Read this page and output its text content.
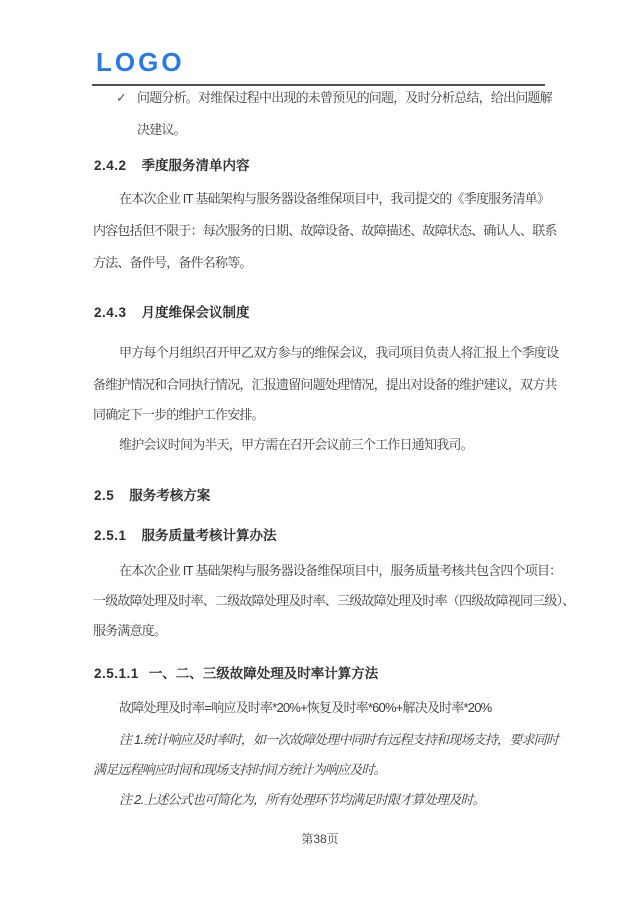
LOGO
✓ 问题分析。对维保过程中出现的未曾预见的问题，及时分析总结，给出问题解
决建议。
2.4.2 季度服务清单内容
在本次企业 IT 基础架构与服务器设备维保项目中，我司提交的《季度服务清单》
内容包括但不限于：每次服务的日期、故障设备、故障描述、故障状态、确认人、联系
方法、备件号，备件名称等。
2.4.3 月度维保会议制度
甲方每个月组织召开甲乙双方参与的维保会议，我司项目负责人将汇报上个季度设
备维护情况和合同执行情况，汇报遗留问题处理情况，提出对设备的维护建议，双方共
同确定下一步的维护工作安排。
维护会议时间为半天，甲方需在召开会议前三个工作日通知我司。
2.5 服务考核方案
2.5.1 服务质量考核计算办法
在本次企业 IT 基础架构与服务器设备维保项目中，服务质量考核共包含四个项目：
一级故障处理及时率、二级故障处理及时率、三级故障处理及时率（四级故障视同三级）、
服务满意度。
2.5.1.1 一、二、三级故障处理及时率计算方法
故障处理及时率=响应及时率*20%+恢复及时率*60%+解决及时率*20%
注 1.统计响应及时率时，如一次故障处理中同时有远程支持和现场支持，要求同时
满足远程响应时间和现场支持时间方统计为响应及时。
注 2.上述公式也可简化为，所有处理环节均满足时限才算处理及时。
第38页
